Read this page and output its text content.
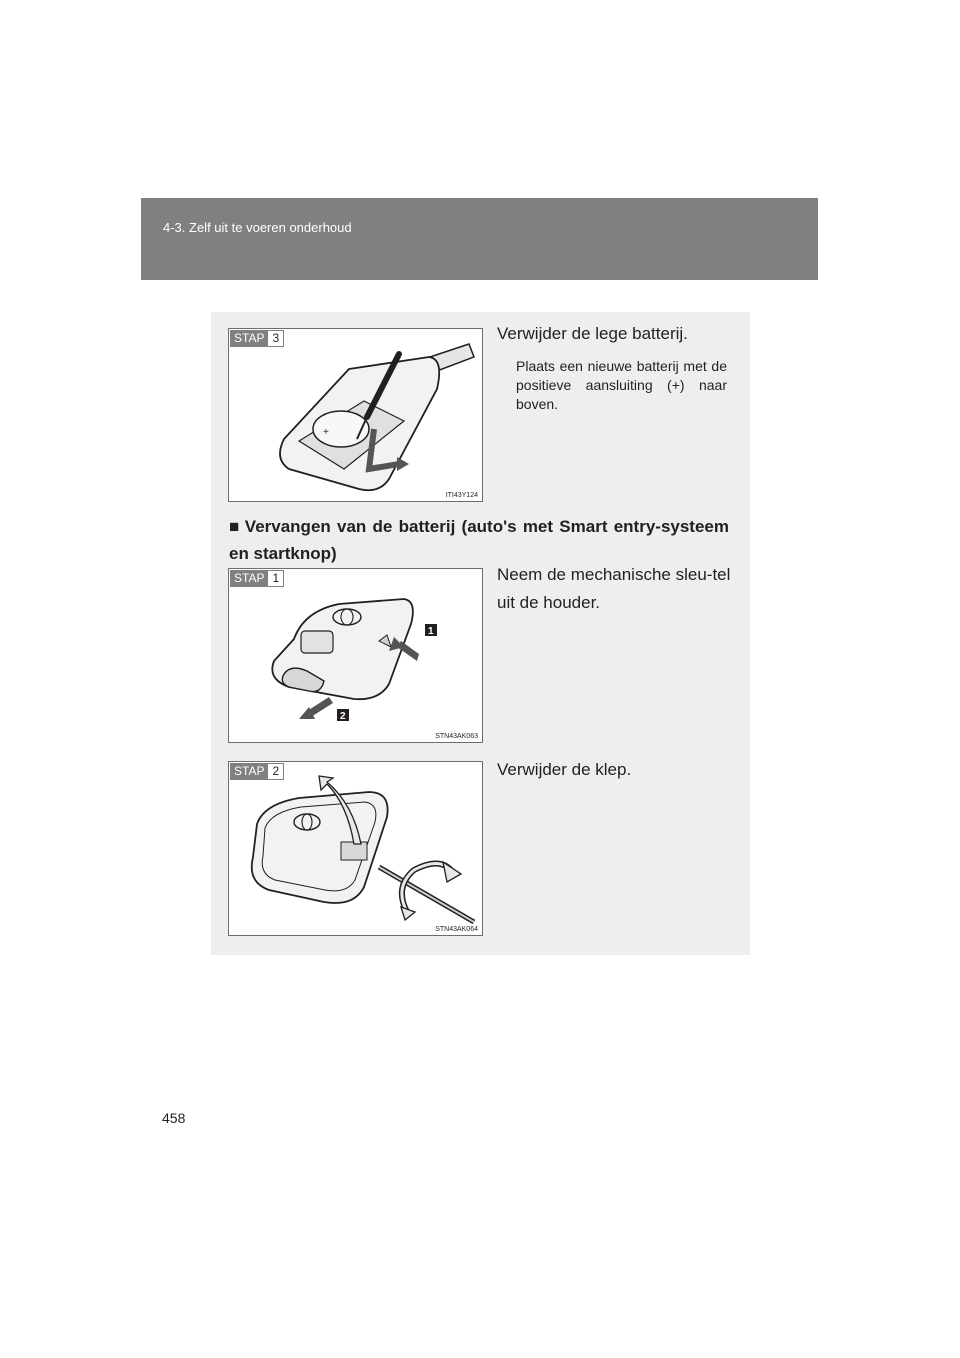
4-3. Zelf uit te voeren onderhoud
+
STAP 3
ITI43Y124
Verwijder de lege batterij.
Plaats een nieuwe batterij met de positieve aansluiting (+) naar boven.
■ Vervangen van de batterij (auto's met Smart entry-systeem en startknop)
1
2
STAP 1
STN43AK063
Neem de mechanische sleu-tel uit de houder.
STAP 2
STN43AK064
Verwijder de klep.
458
